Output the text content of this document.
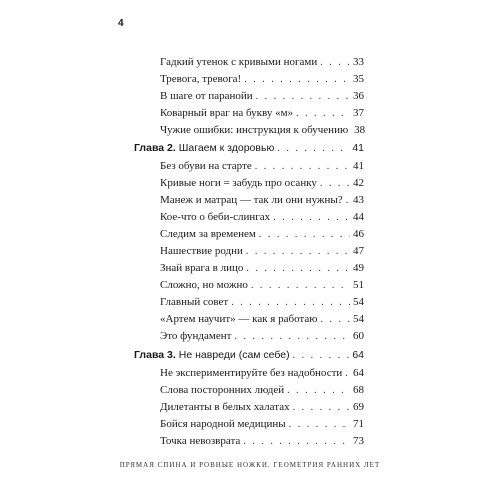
4
Гадкий утенок с кривыми ногами . . .	33
Тревога, тревога! . . .	35
В шаге от паранойи . . .	36
Коварный враг на букву «м» . . .	37
Чужие ошибки: инструкция к обучению 38
Глава 2. Шагаем к здоровью . . .	41
Без обуви на старте . . .	41
Кривые ноги = забудь про осанку . . .	42
Манеж и матрац — так ли они нужны? . . . 43
Кое-что о беби-слингах . . .	44
Следим за временем . . .	46
Нашествие родни . . .	47
Знай врага в лицо . . .	49
Сложно, но можно . . .	51
Главный совет . . .	54
«Артем научит» — как я работаю . . .	54
Это фундамент . . .	60
Глава 3. Не навреди (сам себе) . . .	64
Не экспериментируйте без надобности . . . 64
Слова посторонних людей . . .	68
Дилетанты в белых халатах . . .	69
Бойся народной медицины . . .	71
Точка невозврата . . .	73
ПРЯМАЯ СПИНА И РОВНЫЕ НОЖКИ. ГЕОМЕТРИЯ РАННИХ ЛЕТ
